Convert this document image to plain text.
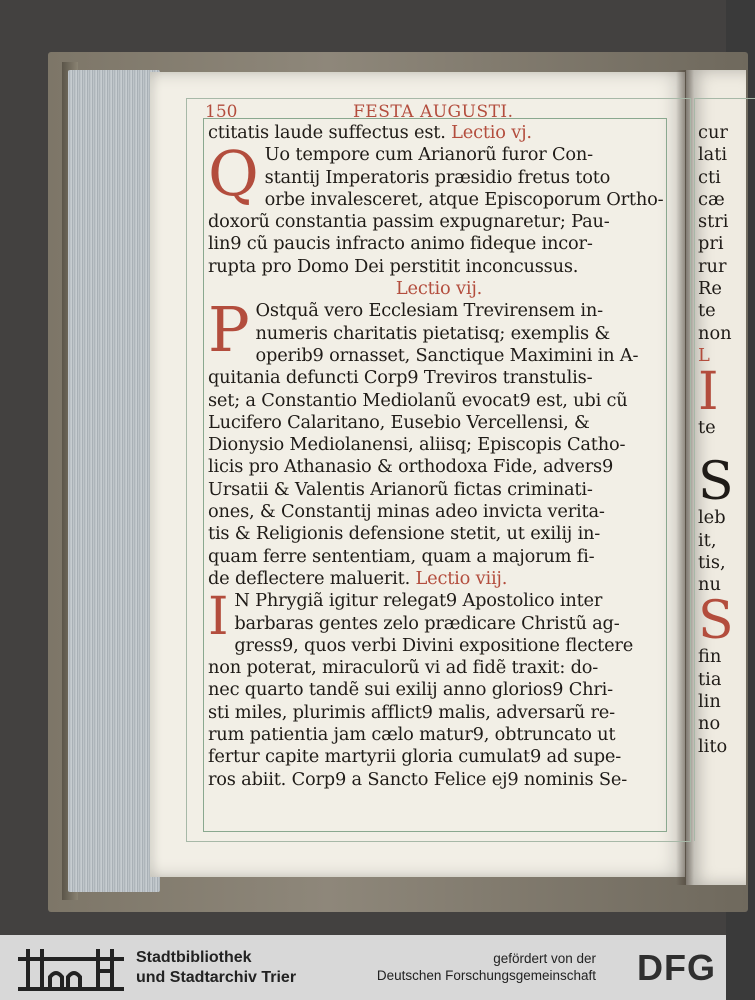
cur
lati
cti
cæ
stri
pri
rur
Re
te
non
L
I
te
S
leb
it,
tis,
nu
S
fin
tia
lin
no
lito
150	FESTA AUGUSTI.
ctitatis laude suffectus est. Lectio vj.
Q Uo tempore cum Arianorũ furor Con-
stantij Imperatoris præsidio fretus toto
orbe invalesceret, atque Episcoporum Ortho-
doxorũ constantia passim expugnaretur; Pau-
lin9 cũ paucis infracto animo fideque incor-
rupta pro Domo Dei perstitit inconcussus.
Lectio vij.
P Ostquã vero Ecclesiam Trevirensem in-
numeris charitatis pietatisq; exemplis &
operib9 ornasset, Sanctique Maximini in A-
quitania defuncti Corp9 Treviros transtulis-
set; a Constantio Mediolanũ evocat9 est, ubi cũ
Lucifero Calaritano, Eusebio Vercellensi, &
Dionysio Mediolanensi, aliisq; Episcopis Catho-
licis pro Athanasio & orthodoxa Fide, advers9
Ursatii & Valentis Arianorũ fictas criminati-
ones, & Constantij minas adeo invicta verita-
tis & Religionis defensione stetit, ut exilij in-
quam ferre sententiam, quam a majorum fi-
de deflectere maluerit. Lectio viij.
I N Phrygiã igitur relegat9 Apostolico inter
barbaras gentes zelo prædicare Christũ ag-
gress9, quos verbi Divini expositione flectere
non poterat, miraculorũ vi ad fidẽ traxit: do-
nec quarto tandẽ sui exilij anno glorios9 Chri-
sti miles, plurimis afflict9 malis, adversarũ re-
rum patientia jam cælo matur9, obtruncato ut
fertur capite martyrii gloria cumulat9 ad supe-
ros abiit. Corp9 a Sancto Felice ej9 nominis Se-
Stadtbibliothek
und Stadtarchiv Trier
gefördert von der
Deutschen Forschungsgemeinschaft DFG
